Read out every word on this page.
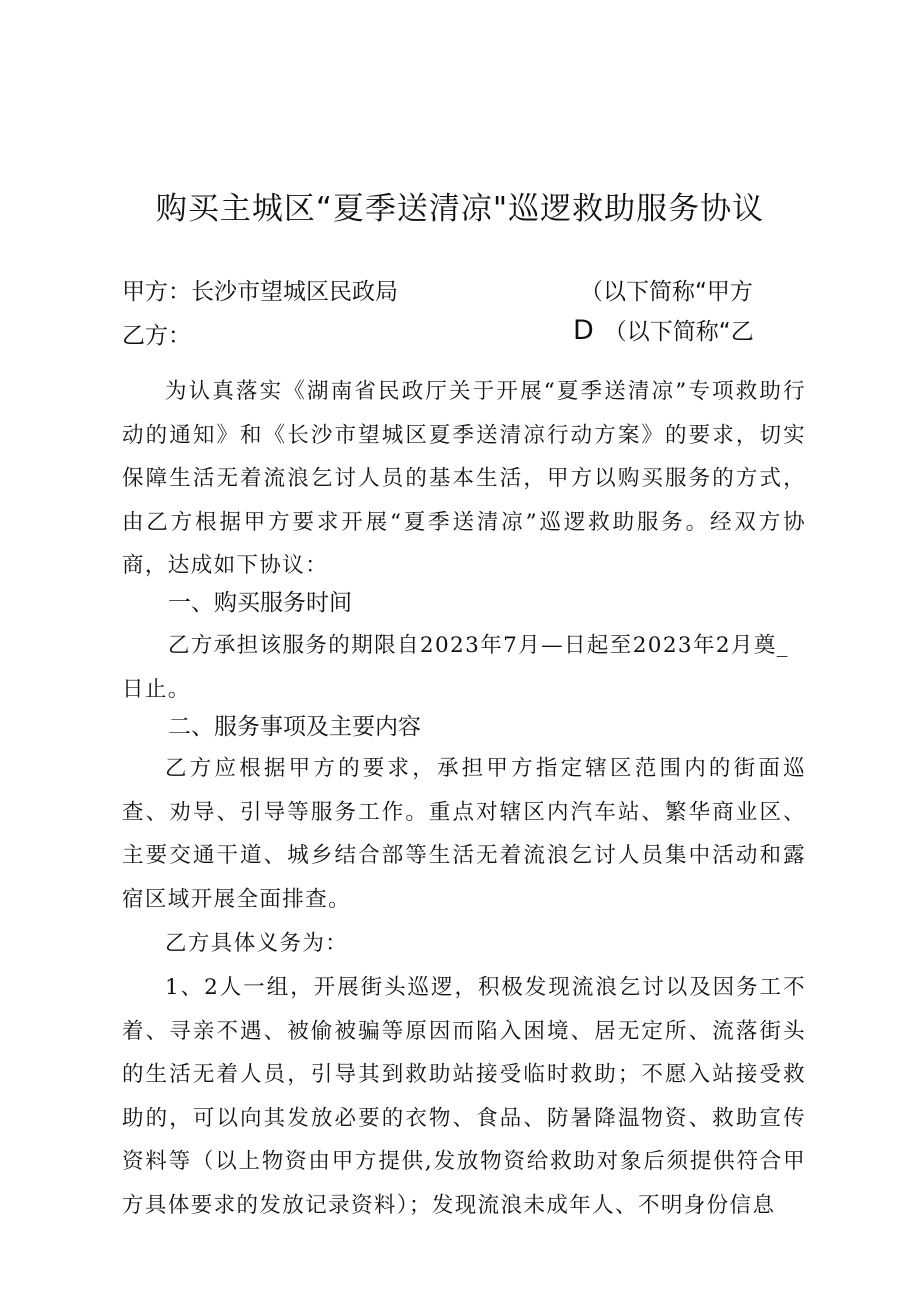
购买主城区“夏季送清凉"巡逻救助服务协议
甲方：长沙市望城区民政局	（以下简称“甲方
乙方：	D （以下简称“乙

为认真落实《湖南省民政厅关于开展“夏季送清凉”专项救助行动的通知》和《长沙市望城区夏季送清凉行动方案》的要求，切实保障生活无着流浪乞讨人员的基本生活，甲方以购买服务的方式，由乙方根据甲方要求开展“夏季送清凉”巡逻救助服务。经双方协商，达成如下协议：

一、购买服务时间
乙方承担该服务的期限自2023年7月—日起至2023年2月奠_
日止。
二、服务事项及主要内容

乙方应根据甲方的要求，承担甲方指定辖区范围内的街面巡查、劝导、引导等服务工作。重点对辖区内汽车站、繁华商业区、主要交通干道、城乡结合部等生活无着流浪乞讨人员集中活动和露宿区域开展全面排查。

乙方具体义务为：

1、2人一组，开展街头巡逻，积极发现流浪乞讨以及因务工不着、寻亲不遇、被偷被骗等原因而陷入困境、居无定所、流落街头的生活无着人员，引导其到救助站接受临时救助；不愿入站接受救助的，可以向其发放必要的衣物、食品、防暑降温物资、救助宣传资料等（以上物资由甲方提供,发放物资给救助对象后须提供符合甲方具体要求的发放记录资料）；发现流浪未成年人、不明身份信息
